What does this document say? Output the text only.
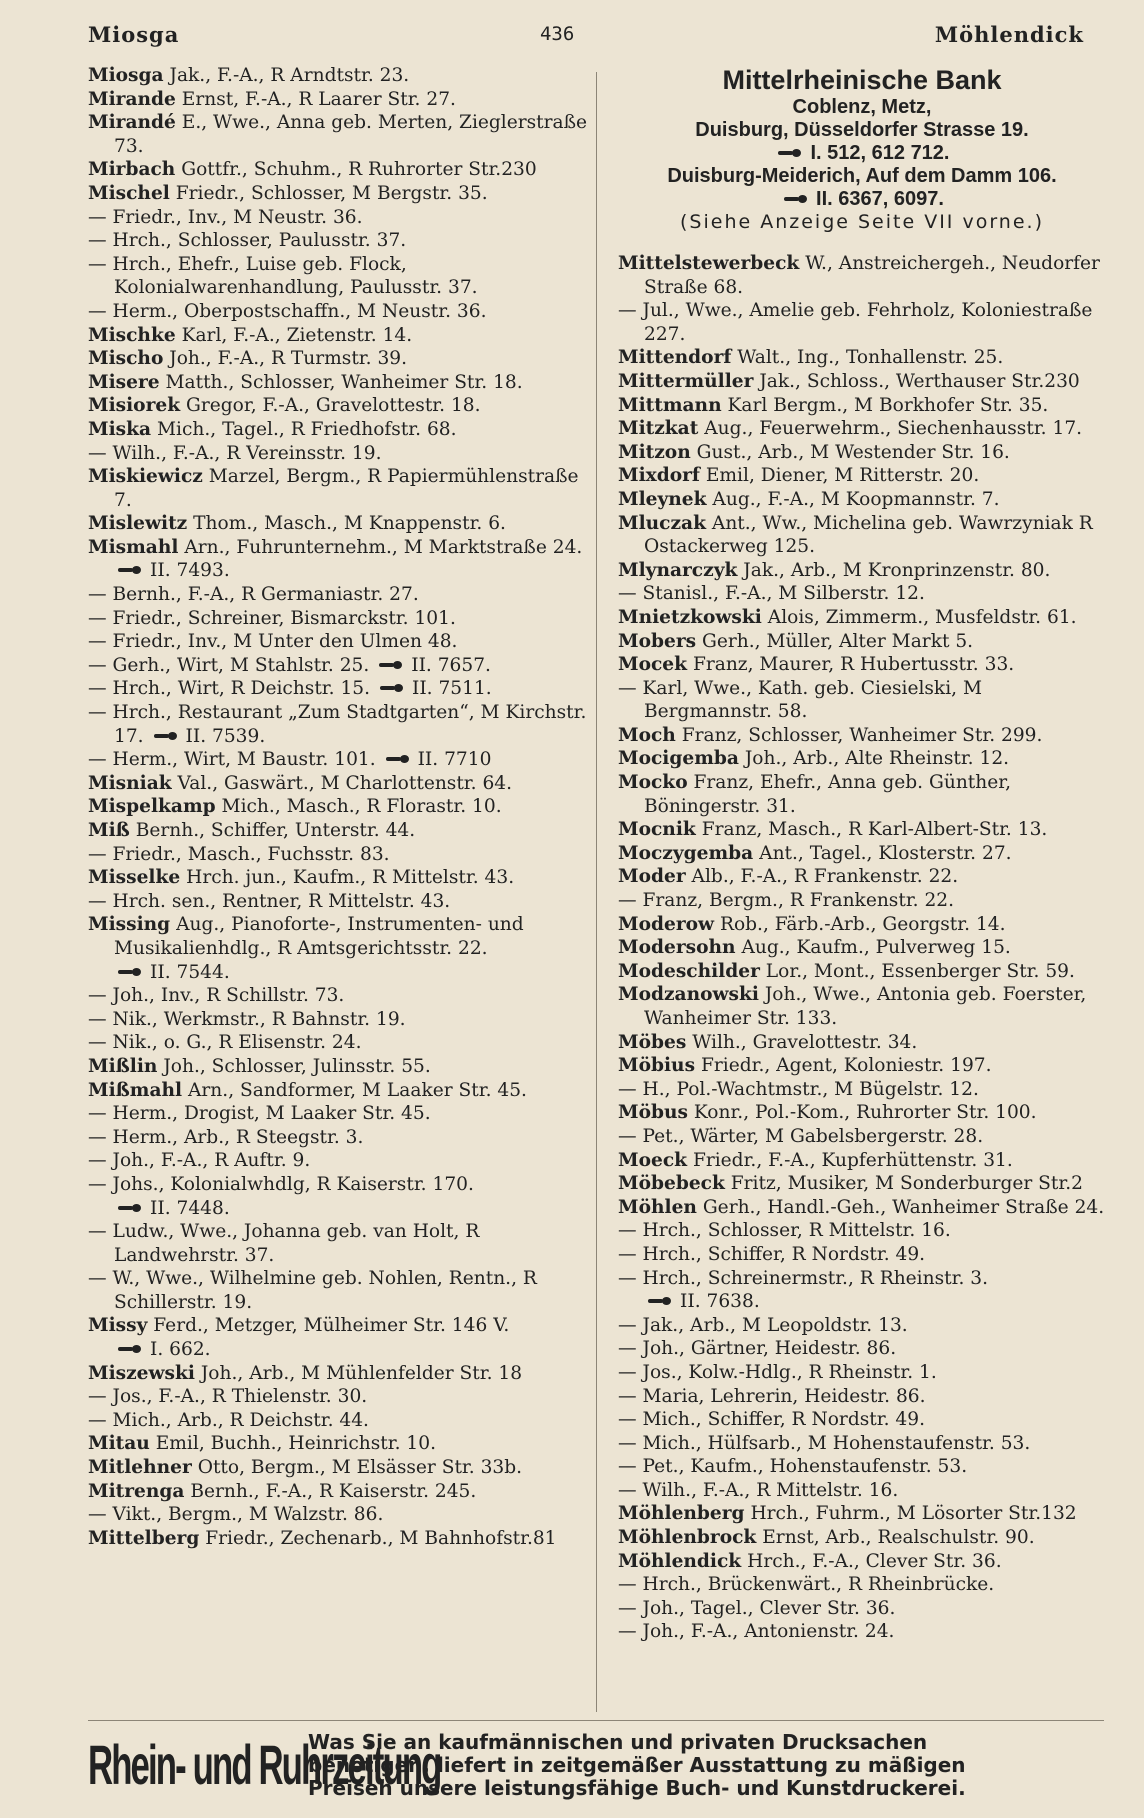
Miosga	436	Möhlendick
Miosga Jak., F.-A., R Arndtstr. 23.
Mirande Ernst, F.-A., R Laarer Str. 27.
Mirandé E., Wwe., Anna geb. Merten, Zieglerstraße 73.
Mirbach Gottfr., Schuhm., R Ruhrorter Str.230
Mischel Friedr., Schlosser, M Bergstr. 35.
— Friedr., Inv., M Neustr. 36.
— Hrch., Schlosser, Paulusstr. 37.
— Hrch., Ehefr., Luise geb. Flock, Kolonialwarenhandlung, Paulusstr. 37.
— Herm., Oberpostschaffn., M Neustr. 36.
Mischke Karl, F.-A., Zietenstr. 14.
Mischo Joh., F.-A., R Turmstr. 39.
Misere Matth., Schlosser, Wanheimer Str. 18.
Misiorek Gregor, F.-A., Gravelottestr. 18.
Miska Mich., Tagel., R Friedhofstr. 68.
— Wilh., F.-A., R Vereinsstr. 19.
Miskiewicz Marzel, Bergm., R Papiermühlenstraße 7.
Mislewitz Thom., Masch., M Knappenstr. 6.
Mismahl Arn., Fuhrunternehm., M Marktstraße 24. II. 7493.
— Bernh., F.-A., R Germaniastr. 27.
— Friedr., Schreiner, Bismarckstr. 101.
— Friedr., Inv., M Unter den Ulmen 48.
— Gerh., Wirt, M Stahlstr. 25. II. 7657.
— Hrch., Wirt, R Deichstr. 15. II. 7511.
— Hrch., Restaurant „Zum Stadtgarten“, M Kirchstr. 17. II. 7539.
— Herm., Wirt, M Baustr. 101. II. 7710
Misniak Val., Gaswärt., M Charlottenstr. 64.
Mispelkamp Mich., Masch., R Florastr. 10.
Miß Bernh., Schiffer, Unterstr. 44.
— Friedr., Masch., Fuchsstr. 83.
Misselke Hrch. jun., Kaufm., R Mittelstr. 43.
— Hrch. sen., Rentner, R Mittelstr. 43.
Missing Aug., Pianoforte-, Instrumenten- und Musikalienhdlg., R Amtsgerichtsstr. 22. II. 7544.
— Joh., Inv., R Schillstr. 73.
— Nik., Werkmstr., R Bahnstr. 19.
— Nik., o. G., R Elisenstr. 24.
Mißlin Joh., Schlosser, Julinsstr. 55.
Mißmahl Arn., Sandformer, M Laaker Str. 45.
— Herm., Drogist, M Laaker Str. 45.
— Herm., Arb., R Steegstr. 3.
— Joh., F.-A., R Auftr. 9.
— Johs., Kolonialwhdlg, R Kaiserstr. 170. II. 7448.
— Ludw., Wwe., Johanna geb. van Holt, R Landwehrstr. 37.
— W., Wwe., Wilhelmine geb. Nohlen, Rentn., R Schillerstr. 19.
Missy Ferd., Metzger, Mülheimer Str. 146 V. I. 662.
Miszewski Joh., Arb., M Mühlenfelder Str. 18
— Jos., F.-A., R Thielenstr. 30.
— Mich., Arb., R Deichstr. 44.
Mitau Emil, Buchh., Heinrichstr. 10.
Mitlehner Otto, Bergm., M Elsässer Str. 33b.
Mitrenga Bernh., F.-A., R Kaiserstr. 245.
— Vikt., Bergm., M Walzstr. 86.
Mittelberg Friedr., Zechenarb., M Bahnhofstr.81
Mittelrheinische Bank
Coblenz, Metz,
Duisburg, Düsseldorfer Strasse 19.
I. 512, 612 712.
Duisburg-Meiderich, Auf dem Damm 106.
II. 6367, 6097.
(Siehe Anzeige Seite VII vorne.)
Mittelstewerbeck W., Anstreichergeh., Neudorfer Straße 68.
— Jul., Wwe., Amelie geb. Fehrholz, Koloniestraße 227.
Mittendorf Walt., Ing., Tonhallenstr. 25.
Mittermüller Jak., Schloss., Werthauser Str.230
Mittmann Karl Bergm., M Borkhofer Str. 35.
Mitzkat Aug., Feuerwehrm., Siechenhausstr. 17.
Mitzon Gust., Arb., M Westender Str. 16.
Mixdorf Emil, Diener, M Ritterstr. 20.
Mleynek Aug., F.-A., M Koopmannstr. 7.
Mluczak Ant., Ww., Michelina geb. Wawrzyniak R Ostackerweg 125.
Mlynarczyk Jak., Arb., M Kronprinzenstr. 80.
— Stanisl., F.-A., M Silberstr. 12.
Mnietzkowski Alois, Zimmerm., Musfeldstr. 61.
Mobers Gerh., Müller, Alter Markt 5.
Mocek Franz, Maurer, R Hubertusstr. 33.
— Karl, Wwe., Kath. geb. Ciesielski, M Bergmannstr. 58.
Moch Franz, Schlosser, Wanheimer Str. 299.
Mocigemba Joh., Arb., Alte Rheinstr. 12.
Mocko Franz, Ehefr., Anna geb. Günther, Böningerstr. 31.
Mocnik Franz, Masch., R Karl-Albert-Str. 13.
Moczygemba Ant., Tagel., Klosterstr. 27.
Moder Alb., F.-A., R Frankenstr. 22.
— Franz, Bergm., R Frankenstr. 22.
Moderow Rob., Färb.-Arb., Georgstr. 14.
Modersohn Aug., Kaufm., Pulverweg 15.
Modeschilder Lor., Mont., Essenberger Str. 59.
Modzanowski Joh., Wwe., Antonia geb. Foerster, Wanheimer Str. 133.
Möbes Wilh., Gravelottestr. 34.
Möbius Friedr., Agent, Koloniestr. 197.
— H., Pol.-Wachtmstr., M Bügelstr. 12.
Möbus Konr., Pol.-Kom., Ruhrorter Str. 100.
— Pet., Wärter, M Gabelsbergerstr. 28.
Moeck Friedr., F.-A., Kupferhüttenstr. 31.
Möbebeck Fritz, Musiker, M Sonderburger Str.2
Möhlen Gerh., Handl.-Geh., Wanheimer Straße 24.
— Hrch., Schlosser, R Mittelstr. 16.
— Hrch., Schiffer, R Nordstr. 49.
— Hrch., Schreinermstr., R Rheinstr. 3. II. 7638.
— Jak., Arb., M Leopoldstr. 13.
— Joh., Gärtner, Heidestr. 86.
— Jos., Kolw.-Hdlg., R Rheinstr. 1.
— Maria, Lehrerin, Heidestr. 86.
— Mich., Schiffer, R Nordstr. 49.
— Mich., Hülfsarb., M Hohenstaufenstr. 53.
— Pet., Kaufm., Hohenstaufenstr. 53.
— Wilh., F.-A., R Mittelstr. 16.
Möhlenberg Hrch., Fuhrm., M Lösorter Str.132
Möhlenbrock Ernst, Arb., Realschulstr. 90.
Möhlendick Hrch., F.-A., Clever Str. 36.
— Hrch., Brückenwärt., R Rheinbrücke.
— Joh., Tagel., Clever Str. 36.
— Joh., F.-A., Antonienstr. 24.
Rhein- und Ruhrzeitung
Was Sie an kaufmännischen und privaten Drucksachen benötigen, liefert in zeitgemäßer Ausstattung zu mäßigen Preisen unsere leistungsfähige Buch- und Kunstdruckerei.
